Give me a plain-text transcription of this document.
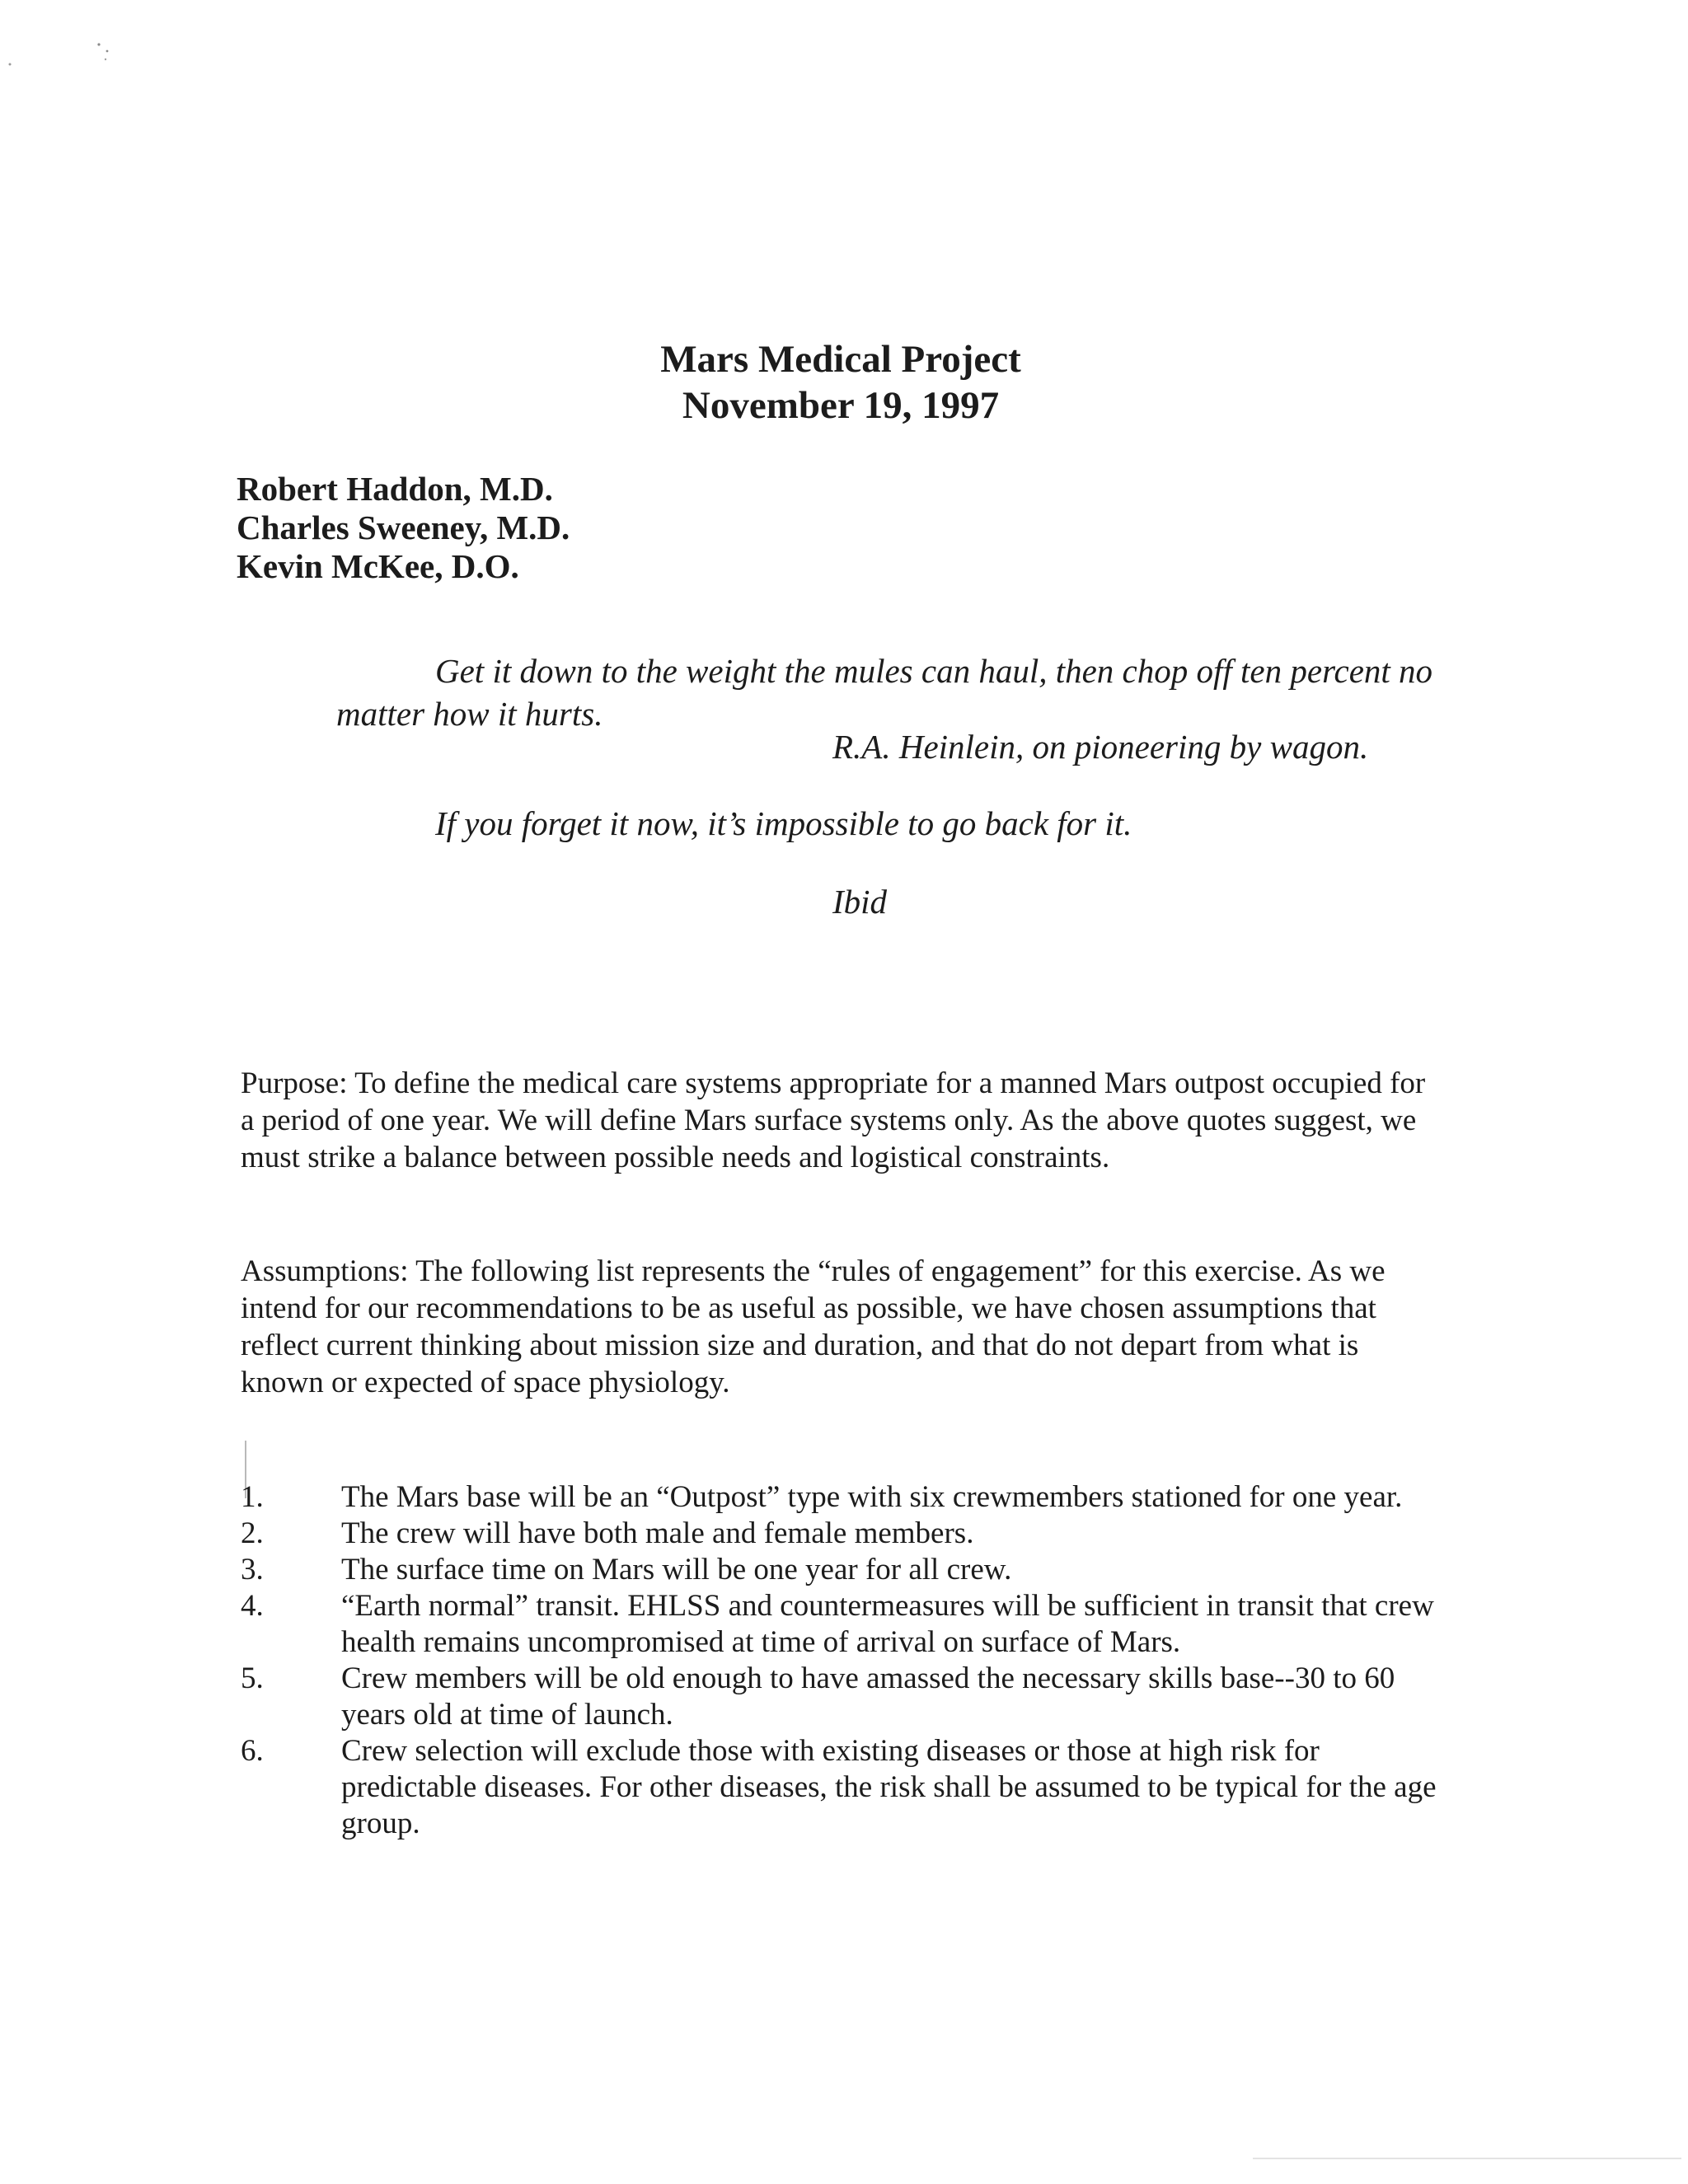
Mars Medical Project
November 19, 1997
Robert Haddon, M.D.
Charles Sweeney, M.D.
Kevin McKee, D.O.
Get it down to the weight the mules can haul, then chop off ten percent no
matter how it hurts.
R.A. Heinlein, on pioneering by wagon.
If you forget it now, it’s impossible to go back for it.
Ibid
Purpose: To define the medical care systems appropriate for a manned Mars outpost occupied for a period of one year. We will define Mars surface systems only. As the above quotes suggest, we must strike a balance between possible needs and logistical constraints.
Assumptions: The following list represents the “rules of engagement” for this exercise. As we intend for our recommendations to be as useful as possible, we have chosen assumptions that reflect current thinking about mission size and duration, and that do not depart from what is known or expected of space physiology.
1.	The Mars base will be an “Outpost” type with six crewmembers stationed for one year.
2.	The crew will have both male and female members.
3.	The surface time on Mars will be one year for all crew.
4.	“Earth normal” transit. EHLSS and countermeasures will be sufficient in transit that crew health remains uncompromised at time of arrival on surface of Mars.
5.	Crew members will be old enough to have amassed the necessary skills base--30 to 60 years old at time of launch.
6.	Crew selection will exclude those with existing diseases or those at high risk for predictable diseases. For other diseases, the risk shall be assumed to be typical for the age group.
